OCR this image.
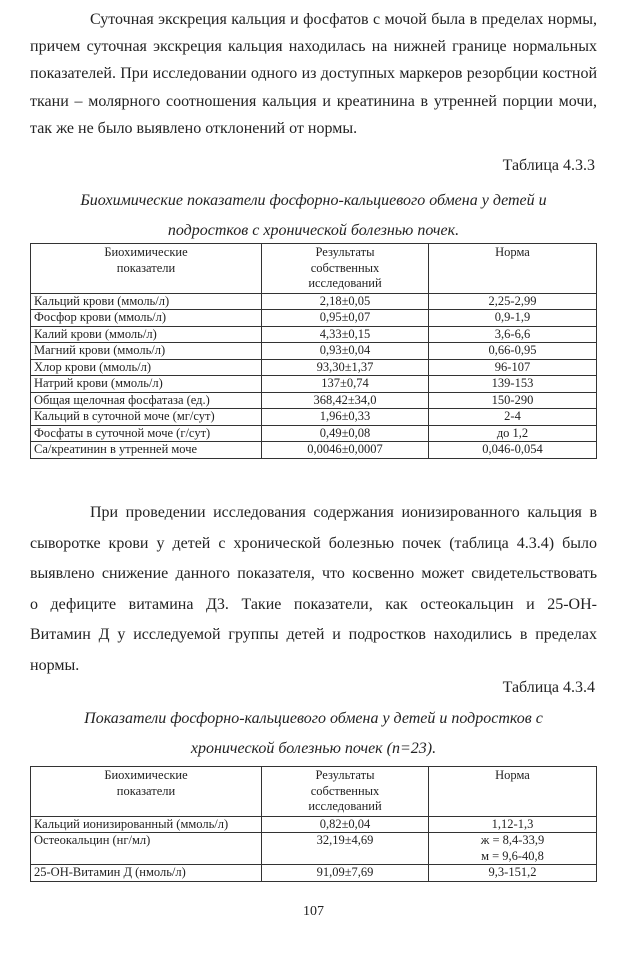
Суточная экскреция кальция и фосфатов с мочой была в пределах нормы, причем суточная экскреция кальция находилась на нижней границе нормальных показателей. При исследовании одного из доступных маркеров резорбции костной ткани – молярного соотношения кальция и креатинина в утренней порции мочи, так же не было выявлено отклонений от нормы.

Таблица 4.3.3

Биохимические показатели фосфорно-кальциевого обмена у детей и
подростков с хронической болезнью почек.
Биохимические
показатели	Результаты
собственных
исследований	Норма
Кальций крови (ммоль/л)	2,18±0,05	2,25-2,99
Фосфор крови (ммоль/л)	0,95±0,07	0,9-1,9
Калий крови (ммоль/л)	4,33±0,15	3,6-6,6
Магний крови (ммоль/л)	0,93±0,04	0,66-0,95
Хлор крови (ммоль/л)	93,30±1,37	96-107
Натрий крови (ммоль/л)	137±0,74	139-153
Общая щелочная фосфатаза (ед.)	368,42±34,0	150-290
Кальций в суточной моче (мг/сут)	1,96±0,33	2-4
Фосфаты в суточной моче (г/сут)	0,49±0,08	до 1,2
Ca/креатинин в утренней моче	0,0046±0,0007	0,046-0,054

При проведении исследования содержания ионизированного кальция в сыворотке крови у детей с хронической болезнью почек (таблица 4.3.4) было выявлено снижение данного показателя, что косвенно может свидетельствовать о дефиците витамина Д3. Такие показатели, как остеокальцин и 25-OH-Витамин Д у исследуемой группы детей и подростков находились в пределах нормы.

Таблица 4.3.4

Показатели фосфорно-кальциевого обмена у детей и подростков с
хронической болезнью почек (n=23).
Биохимические
показатели	Результаты
собственных
исследований	Норма
Кальций ионизированный (ммоль/л)	0,82±0,04	1,12-1,3
Остеокальцин (нг/мл)	32,19±4,69	ж = 8,4-33,9
м = 9,6-40,8
25-OH-Витамин Д (нмоль/л)	91,09±7,69	9,3-151,2

107
